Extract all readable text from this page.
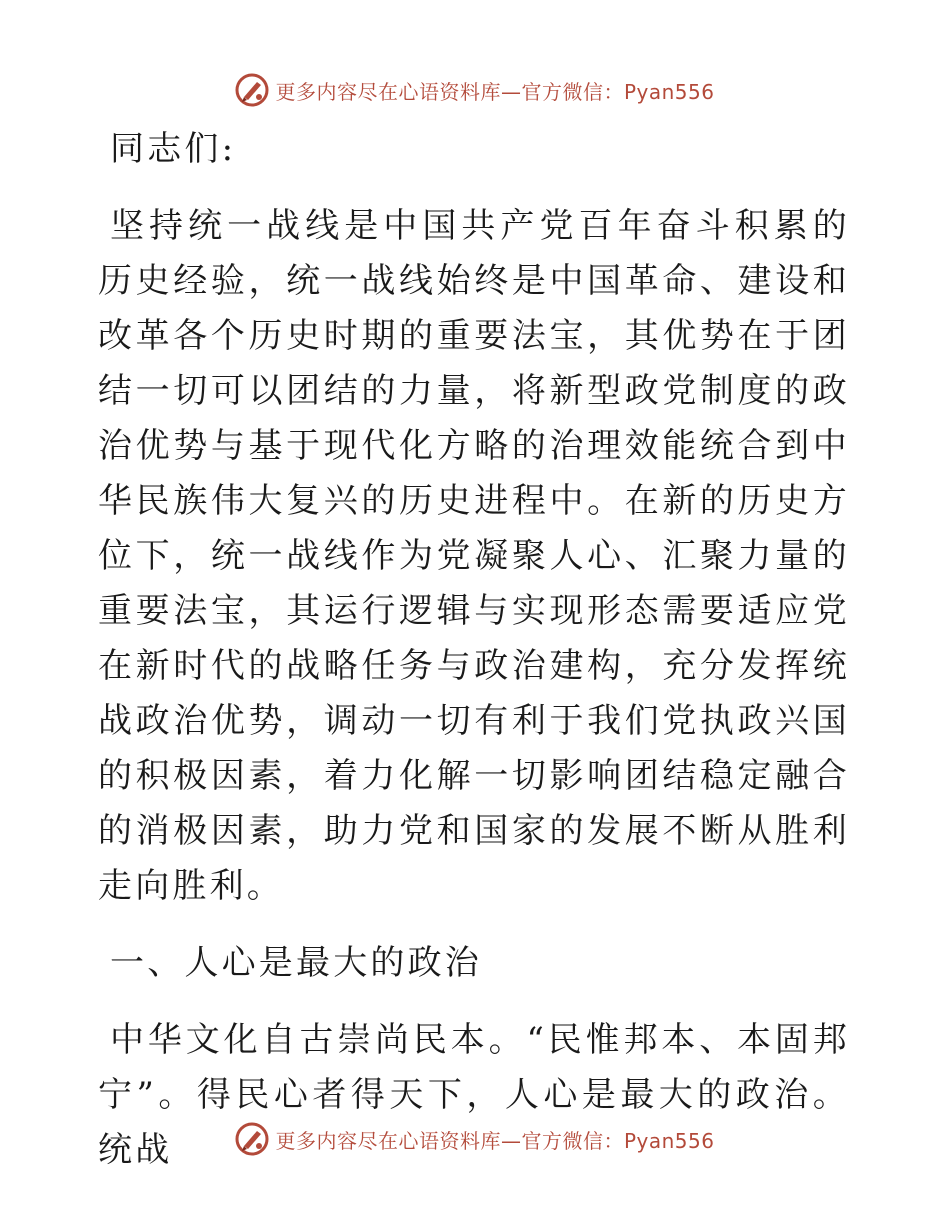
更多内容尽在心语资料库—官方微信：Pyan556

同志们:

坚持统一战线是中国共产党百年奋斗积累的历史经验，统一战线始终是中国革命、建设和改革各个历史时期的重要法宝，其优势在于团结一切可以团结的力量，将新型政党制度的政治优势与基于现代化方略的治理效能统合到中华民族伟大复兴的历史进程中。在新的历史方位下，统一战线作为党凝聚人心、汇聚力量的重要法宝，其运行逻辑与实现形态需要适应党在新时代的战略任务与政治建构，充分发挥统战政治优势，调动一切有利于我们党执政兴国的积极因素，着力化解一切影响团结稳定融合的消极因素，助力党和国家的发展不断从胜利走向胜利。

一、人心是最大的政治

中华文化自古崇尚民本。“民惟邦本、本固邦宁”。得民心者得天下，人心是最大的政治。统战	更多内容尽在心语资料库—官方微信：Pyan556
